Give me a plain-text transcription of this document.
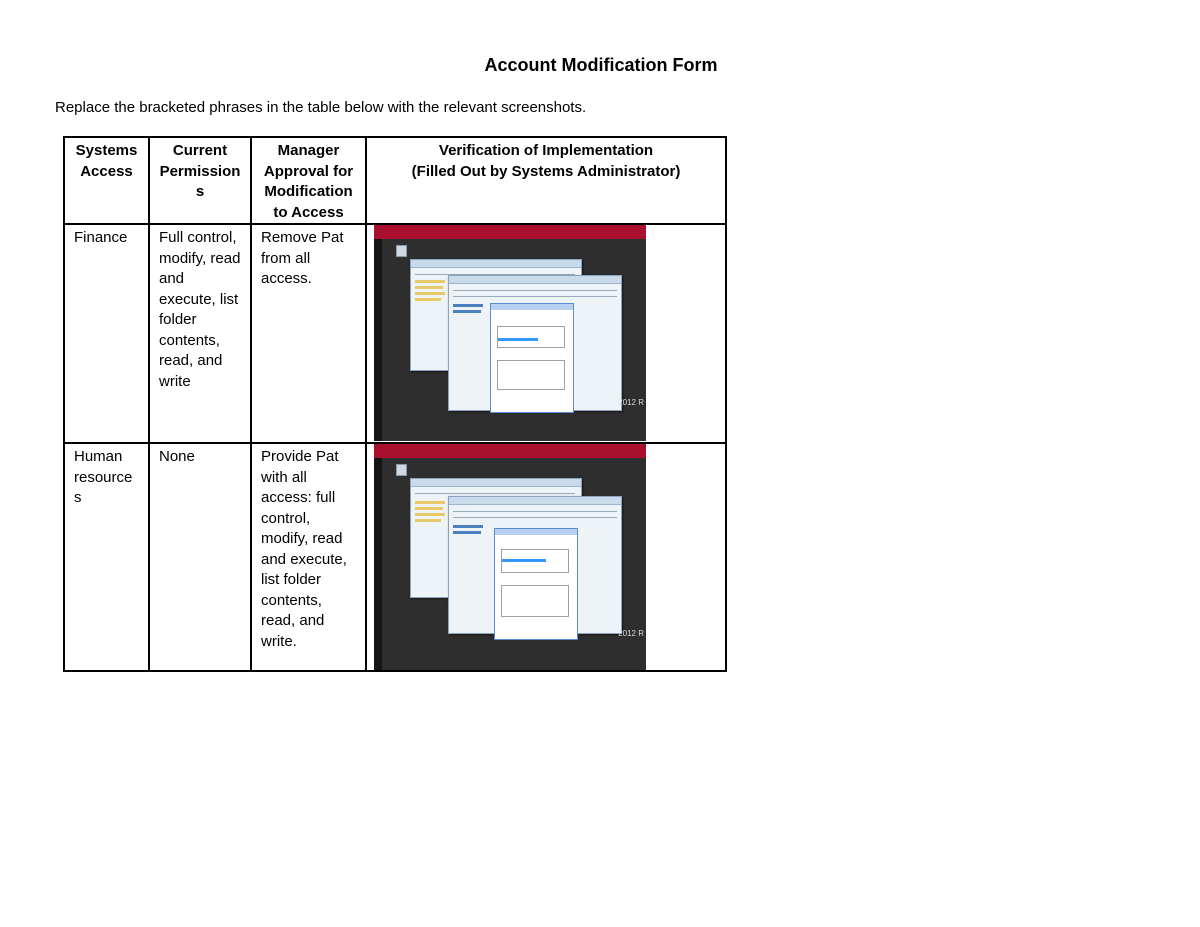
Account Modification Form
Replace the bracketed phrases in the table below with the relevant screenshots.
Systems Access	Current Permission s	Manager Approval for Modification to Access	Verification of Implementation
(Filled Out by Systems Administrator)

Finance	Full control, modify, read and execute, list folder contents, read, and write	Remove Pat from all access.	2012 R

Human resource s	None	Provide Pat with all access: full control, modify, read and execute, list folder contents, read, and write.	2012 R
